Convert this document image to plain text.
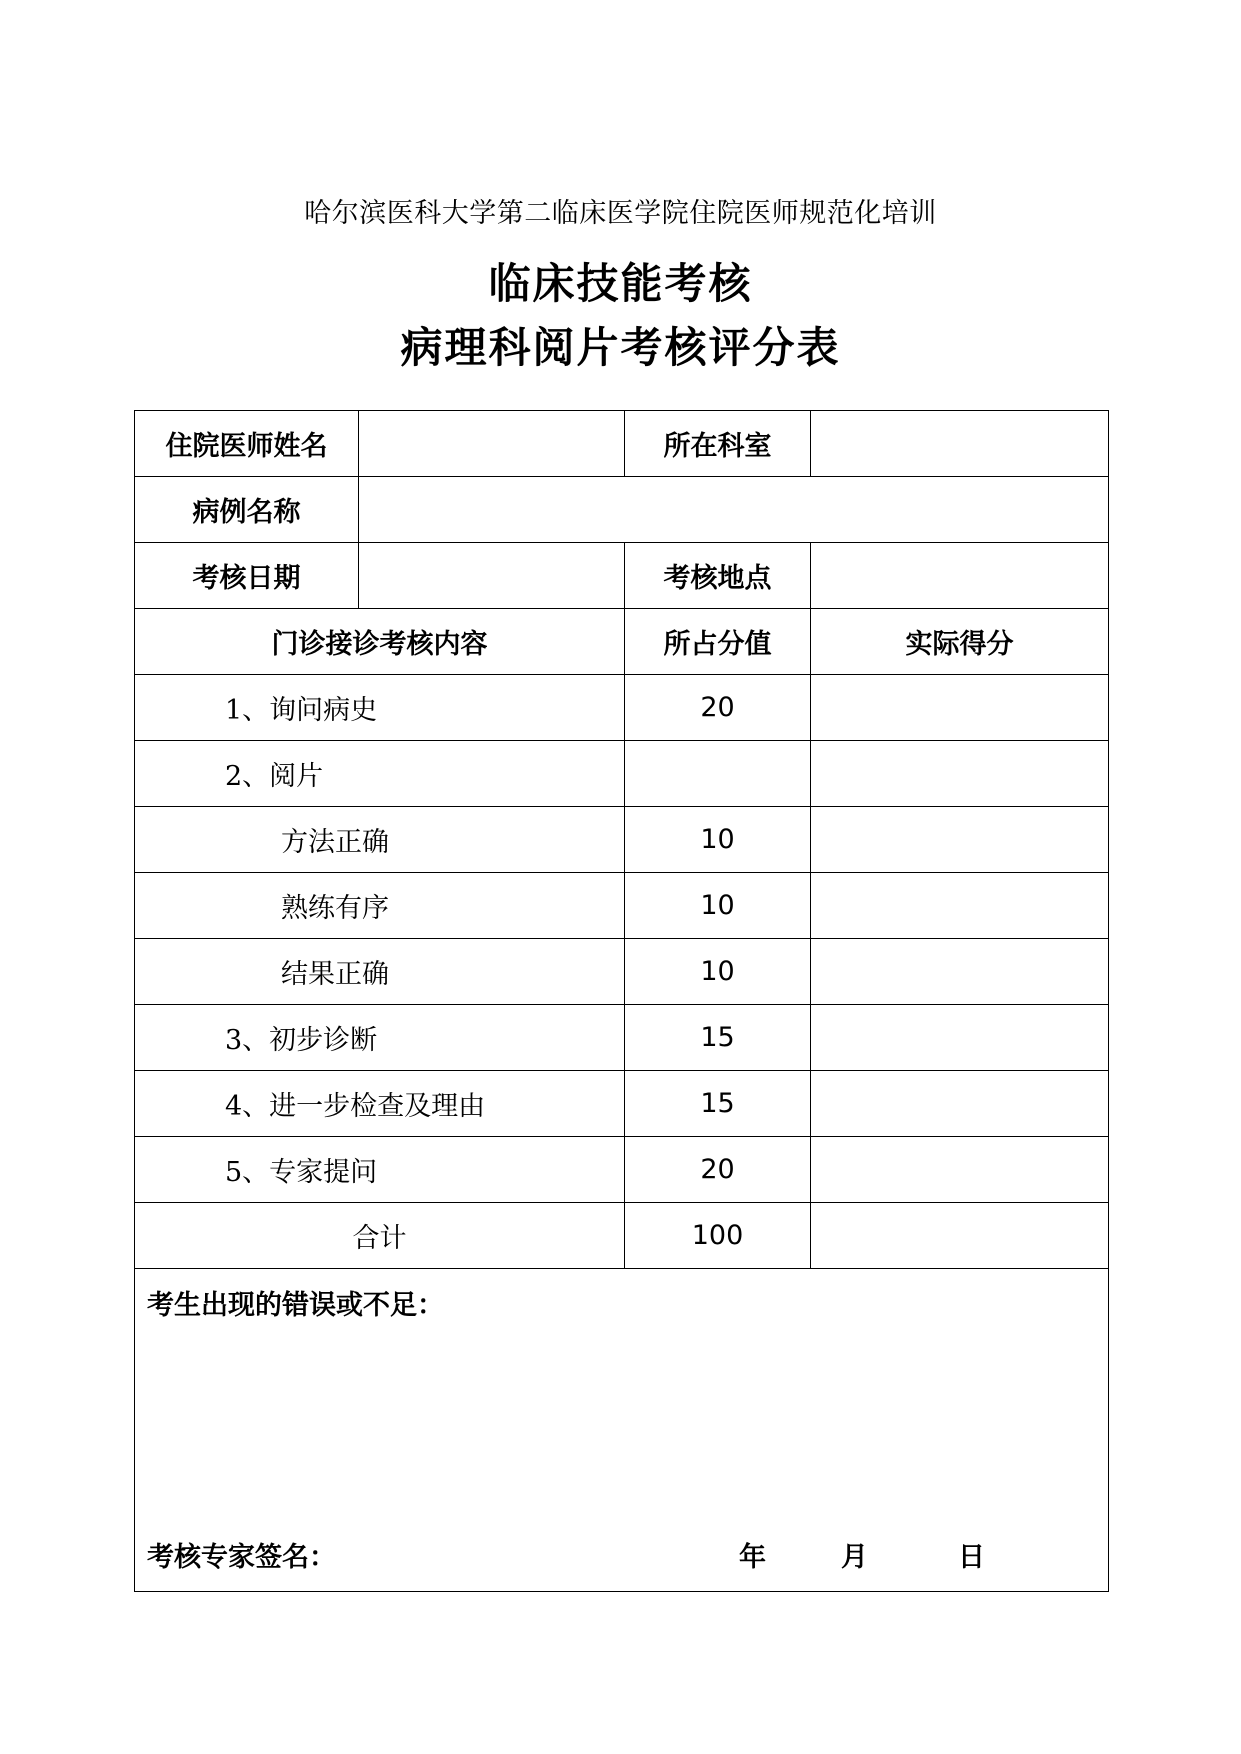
哈尔滨医科大学第二临床医学院住院医师规范化培训
临床技能考核
病理科阅片考核评分表
住院医师姓名		所在科室	
病例名称			
考核日期		考核地点	
门诊接诊考核内容		所占分值	实际得分
1、询问病史		20	
2、阅片			
方法正确		10	
熟练有序		10	
结果正确		10	
3、初步诊断		15	
4、进一步检查及理由		15	
5、专家提问		20	
合计		100	

考生出现的错误或不足：
考核专家签名： 年 月 日			
